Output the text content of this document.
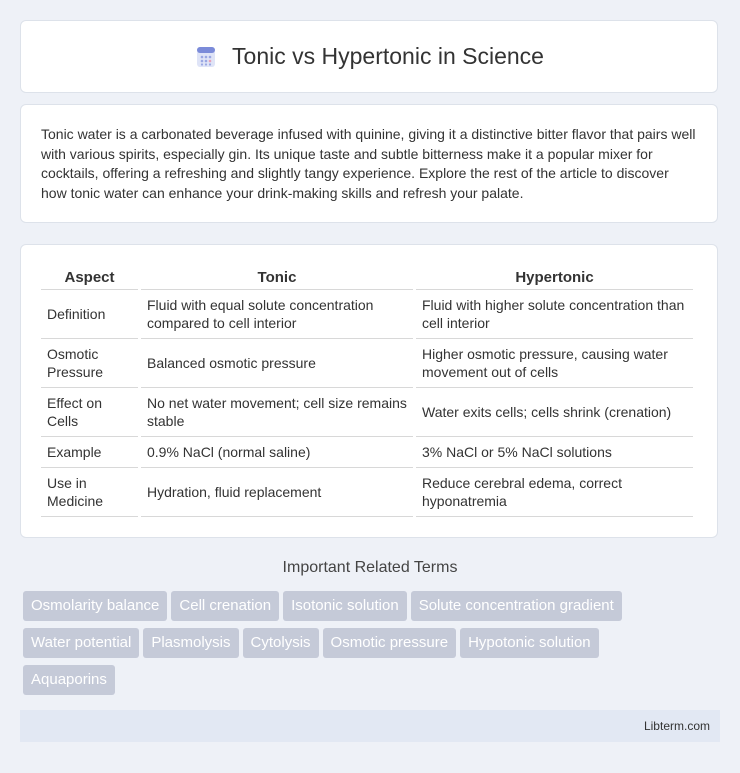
Tonic vs Hypertonic in Science

Tonic water is a carbonated beverage infused with quinine, giving it a distinctive bitter flavor that pairs well with various spirits, especially gin. Its unique taste and subtle bitterness make it a popular mixer for cocktails, offering a refreshing and slightly tangy experience. Explore the rest of the article to discover how tonic water can enhance your drink-making skills and refresh your palate.

Aspect	Tonic	Hypertonic
Definition	Fluid with equal solute concentration compared to cell interior	Fluid with higher solute concentration than cell interior
Osmotic Pressure	Balanced osmotic pressure	Higher osmotic pressure, causing water movement out of cells
Effect on Cells	No net water movement; cell size remains stable	Water exits cells; cells shrink (crenation)
Example	0.9% NaCl (normal saline)	3% NaCl or 5% NaCl solutions
Use in Medicine	Hydration, fluid replacement	Reduce cerebral edema, correct hyponatremia
Important Related Terms
Osmolarity balance Cell crenation Isotonic solution Solute concentration gradient
Water potential Plasmolysis Cytolysis Osmotic pressure Hypotonic solution
Aquaporins
Libterm.com
